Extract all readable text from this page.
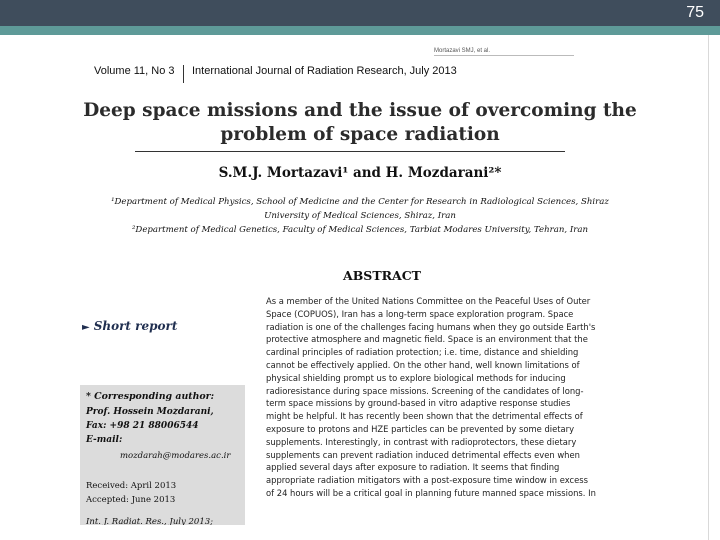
75
Mortazavi SMJ, et al.
Volume 11, No 3 International Journal of Radiation Research, July 2013
Deep space missions and the issue of overcoming the
problem of space radiation
S.M.J. Mortazavi¹ and H. Mozdarani²*
¹Department of Medical Physics, School of Medicine and the Center for Research in Radiological Sciences, Shiraz
University of Medical Sciences, Shiraz, Iran
²Department of Medical Genetics, Faculty of Medical Sciences, Tarbiat Modares University, Tehran, Iran
ABSTRACT
► Short report
As a member of the United Nations Committee on the Peaceful Uses of Outer
Space (COPUOS), Iran has a long-term space exploration program. Space
radiation is one of the challenges facing humans when they go outside Earth's
protective atmosphere and magnetic field. Space is an environment that the
cardinal principles of radiation protection; i.e. time, distance and shielding
cannot be effectively applied. On the other hand, well known limitations of
physical shielding prompt us to explore biological methods for inducing
radioresistance during space missions. Screening of the candidates of long-
term space missions by ground-based in vitro adaptive response studies
might be helpful. It has recently been shown that the detrimental effects of
exposure to protons and HZE particles can be prevented by some dietary
supplements. Interestingly, in contrast with radioprotectors, these dietary
supplements can prevent radiation induced detrimental effects even when
applied several days after exposure to radiation. It seems that finding
appropriate radiation mitigators with a post-exposure time window in excess
of 24 hours will be a critical goal in planning future manned space missions. In
* Corresponding author:
Prof. Hossein Mozdarani,
Fax: +98 21 88006544
E-mail:
mozdarah@modares.ac.ir
Received: April 2013
Accepted: June 2013
Int. J. Radiat. Res., July 2013;
